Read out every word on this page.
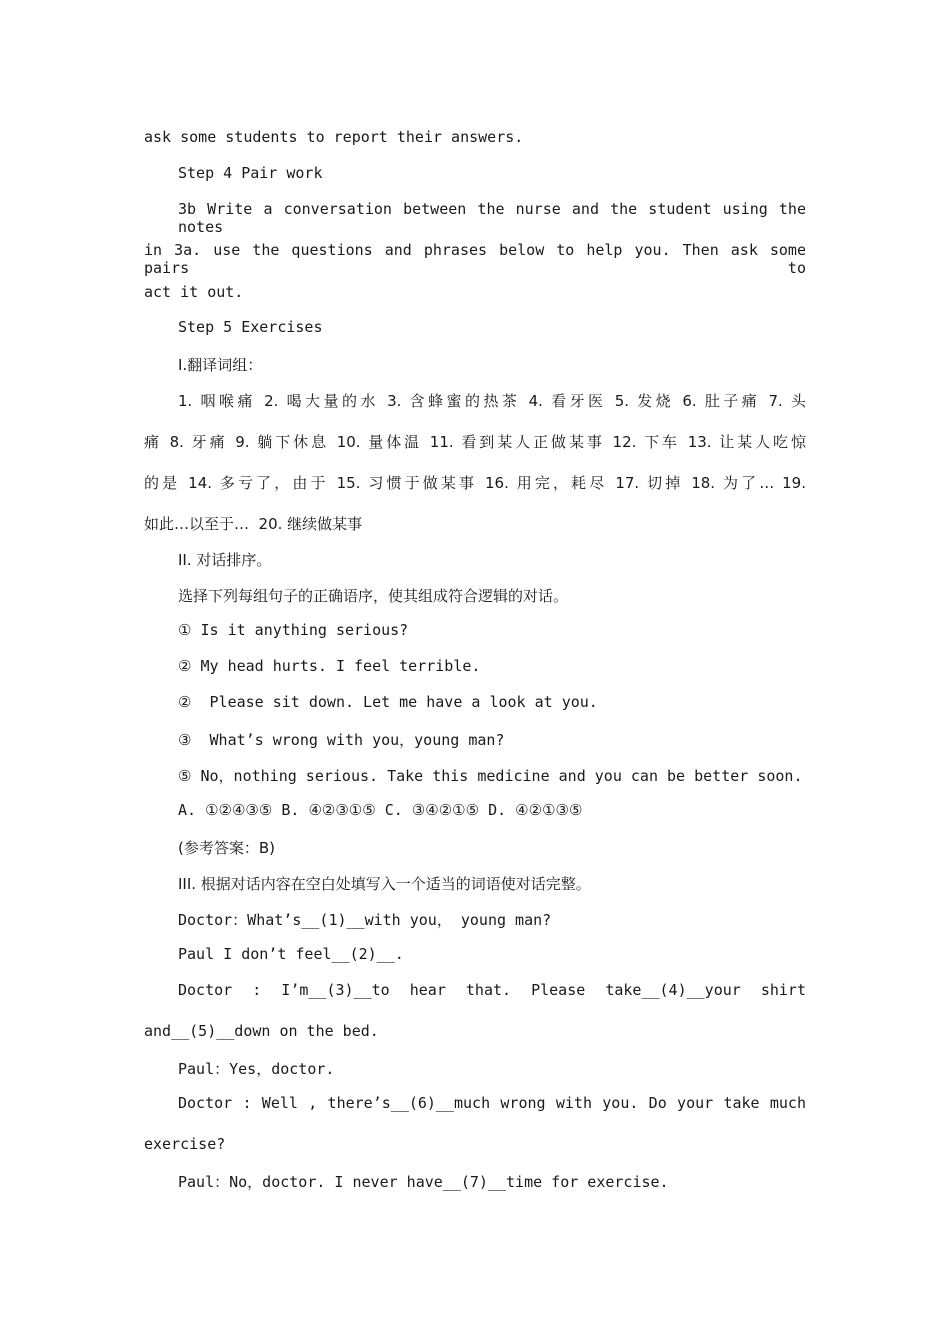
ask some students to report their answers.
Step 4 Pair work
3b Write a conversation between the nurse and the student using the notes
in 3a. use the questions and phrases below to help you. Then ask some pairs to
act it out.
Step 5 Exercises
I.翻译词组：
1. 咽喉痛 2. 喝大量的水 3. 含蜂蜜的热茶 4. 看牙医 5. 发烧 6. 肚子痛 7. 头
痛 8. 牙痛 9. 躺下休息 10. 量体温 11. 看到某人正做某事 12. 下车 13. 让某人吃惊
的是 14. 多亏了，由于 15. 习惯于做某事 16. 用完，耗尽 17. 切掉 18. 为了… 19.
如此…以至于…  20. 继续做某事
II. 对话排序。
选择下列每组句子的正确语序，使其组成符合逻辑的对话。
① Is it anything serious?
② My head hurts. I feel terrible.
②  Please sit down. Let me have a look at you.
③  What’s wrong with you，young man?
⑤ No，nothing serious. Take this medicine and you can be better soon.
A. ①②④③⑤ B. ④②③①⑤ C. ③④②①⑤ D. ④②①③⑤
(参考答案：B)
III. 根据对话内容在空白处填写入一个适当的词语使对话完整。
Doctor：What’s__(1)__with you， young man?
Paul I don’t feel__(2)__.
Doctor : I’m__(3)__to hear that. Please take__(4)__your shirt
and__(5)__down on the bed.
Paul：Yes，doctor.
Doctor : Well , there’s__(6)__much wrong with you. Do your take much
exercise?
Paul：No，doctor. I never have__(7)__time for exercise.
